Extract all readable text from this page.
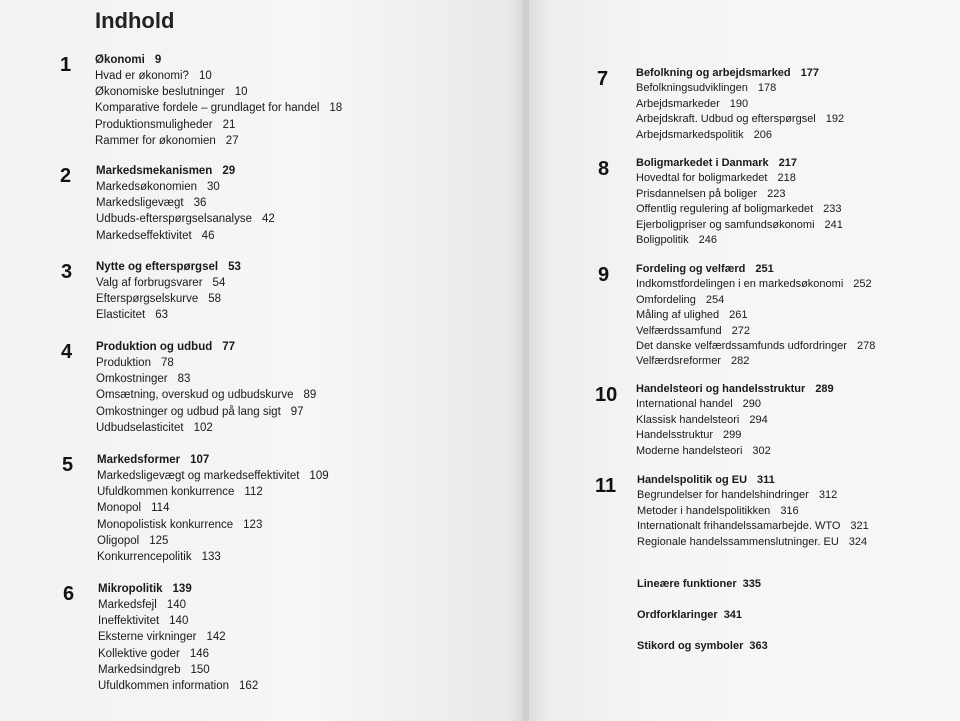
Indhold
1 Økonomi 9
Hvad er økonomi? 10
Økonomiske beslutninger 10
Komparative fordele – grundlaget for handel 18
Produktionsmuligheder 21
Rammer for økonomien 27
2 Markedsmekanismen 29
Markedsøkonomien 30
Markedsligevægt 36
Udbuds-efterspørgselsanalyse 42
Markedseffektivitet 46
3 Nytte og efterspørgsel 53
Valg af forbrugsvarer 54
Efterspørgselskurve 58
Elasticitet 63
4 Produktion og udbud 77
Produktion 78
Omkostninger 83
Omsætning, overskud og udbudskurve 89
Omkostninger og udbud på lang sigt 97
Udbudselasticitet 102
5 Markedsformer 107
Markedsligevægt og markedseffektivitet 109
Ufuldkommen konkurrence 112
Monopol 114
Monopolistisk konkurrence 123
Oligopol 125
Konkurrencepolitik 133
6 Mikropolitik 139
Markedsfejl 140
Ineffektivitet 140
Eksterne virkninger 142
Kollektive goder 146
Markedsindgreb 150
Ufuldkommen information 162
7	Befolkning og arbejdsmarked 177
Befolkningsudviklingen 178
Arbejdsmarkeder 190
Arbejdskraft. Udbud og efterspørgsel 192
Arbejdsmarkedspolitik 206
8 Boligmarkedet i Danmark 217
Hovedtal for boligmarkedet 218
Prisdannelsen på boliger 223
Offentlig regulering af boligmarkedet 233
Ejerboligpriser og samfundsøkonomi 241
Boligpolitik 246
9 Fordeling og velfærd 251
Indkomstfordelingen i en markedsøkonomi 252
Omfordeling 254
Måling af ulighed 261
Velfærdssamfund 272
Det danske velfærdssamfunds udfordringer 278
Velfærdsreformer 282
10 Handelsteori og handelsstruktur 289
International handel 290
Klassisk handelsteori 294
Handelsstruktur 299
Moderne handelsteori 302
11 Handelspolitik og EU 311
Begrundelser for handelshindringer 312
Metoder i handelspolitikken 316
Internationalt frihandelssamarbejde. WTO 321
Regionale handelssammenslutninger. EU 324
Lineære funktioner 335
Ordforklaringer 341
Stikord og symboler 363
